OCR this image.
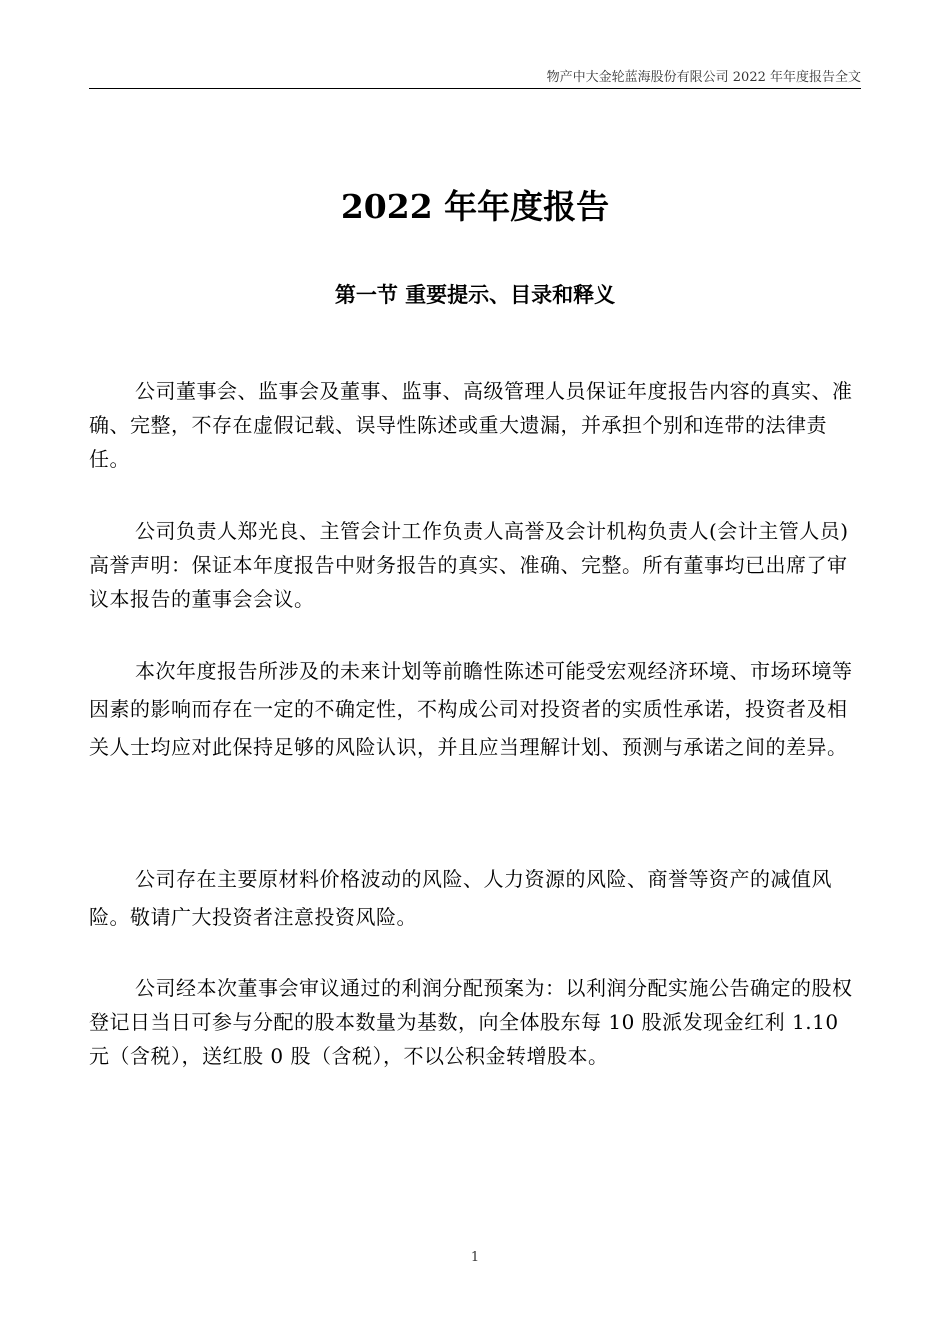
物产中大金轮蓝海股份有限公司 2022 年年度报告全文
2022 年年度报告
第一节 重要提示、目录和释义

公司董事会、监事会及董事、监事、高级管理人员保证年度报告内容的真实、准确、完整，不存在虚假记载、误导性陈述或重大遗漏，并承担个别和连带的法律责任。

公司负责人郑光良、主管会计工作负责人高誉及会计机构负责人(会计主管人员)高誉声明：保证本年度报告中财务报告的真实、准确、完整。所有董事均已出席了审议本报告的董事会会议。

本次年度报告所涉及的未来计划等前瞻性陈述可能受宏观经济环境、市场环境等因素的影响而存在一定的不确定性，不构成公司对投资者的实质性承诺，投资者及相关人士均应对此保持足够的风险认识，并且应当理解计划、预测与承诺之间的差异。

公司存在主要原材料价格波动的风险、人力资源的风险、商誉等资产的减值风险。敬请广大投资者注意投资风险。

公司经本次董事会审议通过的利润分配预案为：以利润分配实施公告确定的股权登记日当日可参与分配的股本数量为基数，向全体股东每 10 股派发现金红利 1.10 元（含税），送红股 0 股（含税），不以公积金转增股本。

1
